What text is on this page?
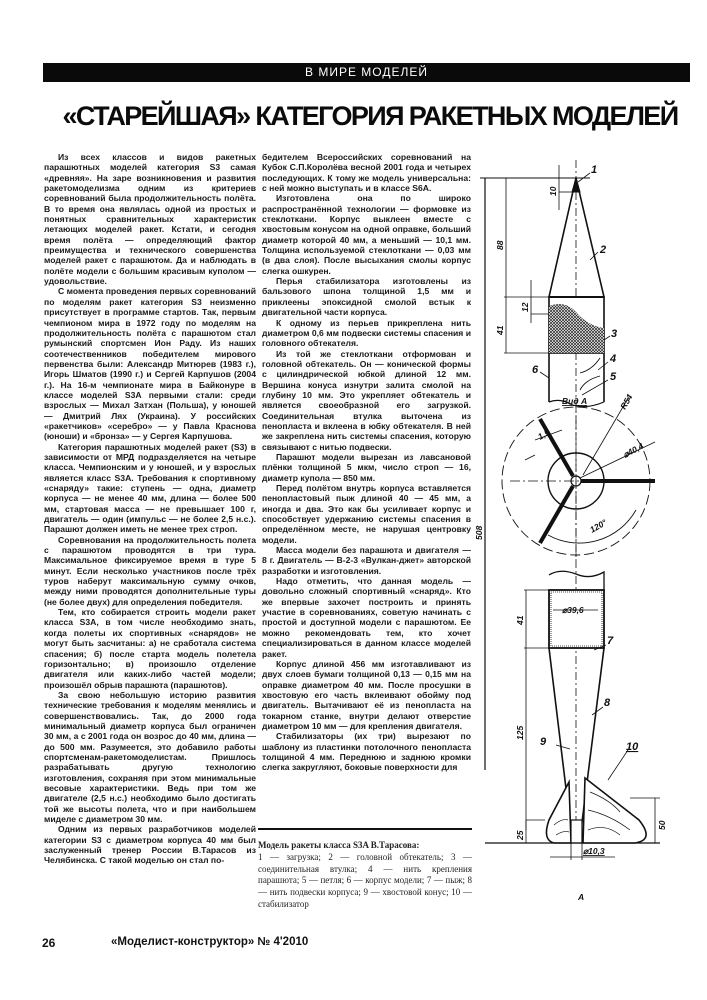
В МИРЕ МОДЕЛЕЙ
«СТАРЕЙШАЯ» КАТЕГОРИЯ РАКЕТНЫХ МОДЕЛЕЙ

Из всех классов и видов ракетных парашютных моделей категория S3 самая «древняя». На заре возникновения и развития ракетомоделизма одним из критериев соревнований была продолжительность полёта. В то время она являлась одной из простых и понятных сравнительных характеристик летающих моделей ракет. Кстати, и сегодня время полёта — определяющий фактор преимущества и технического совершенства моделей ракет с парашютом. Да и наблюдать в полёте модели с большим красивым куполом — удовольствие.

С момента проведения первых соревнований по моделям ракет категория S3 неизменно присутствует в программе стартов. Так, первым чемпионом мира в 1972 году по моделям на продолжительность полёта с парашютом стал румынский спортсмен Ион Раду. Из наших соотечественников победителем мирового первенства были: Александр Митюрев (1983 г.), Игорь Шматов (1990 г.) и Сергей Карпушов (2004 г.). На 16-м чемпионате мира в Байконуре в классе моделей S3A первыми стали: среди взрослых — Михал Затхан (Польша), у юношей — Дмитрий Лях (Украина). У российских «ракетчиков» «серебро» — у Павла Краснова (юноши) и «бронза» — у Сергея Карпушова.

Категория парашютных моделей ракет (S3) в зависимости от МРД подразделяется на четыре класса. Чемпионским и у юношей, и у взрослых является класс S3A. Требования к спортивному «снаряду» такие: ступень — одна, диаметр корпуса — не менее 40 мм, длина — более 500 мм, стартовая масса — не превышает 100 г, двигатель — один (импульс — не более 2,5 н.с.). Парашют должен иметь не менее трех строп.

Соревнования на продолжительность полета с парашютом проводятся в три тура. Максимальное фиксируемое время в туре 5 минут. Если несколько участников после трёх туров наберут максимальную сумму очков, между ними проводятся дополнительные туры (не более двух) для определения победителя.

Тем, кто собирается строить модели ракет класса S3A, в том числе необходимо знать, когда полеты их спортивных «снарядов» не могут быть засчитаны: а) не сработала система спасения; б) после старта модель полетела горизонтально; в) произошло отделение двигателя или каких-либо частей модели; произошёл обрыв парашюта (парашютов).

За свою небольшую историю развития технические требования к моделям менялись и совершенствовались. Так, до 2000 года минимальный диаметр корпуса был ограничен 30 мм, а с 2001 года он возрос до 40 мм, длина — до 500 мм. Разумеется, это добавило работы спортсменам-ракетомоделистам. Пришлось разрабатывать другую технологию изготовления, сохраняя при этом минимальные весовые характеристики. Ведь при том же двигателе (2,5 н.с.) необходимо было достигать той же высоты полета, что и при наибольшем миделе с диаметром 30 мм.

Одним из первых разработчиков моделей категории S3 с диаметром корпуса 40 мм был заслуженный тренер России В.Тарасов из Челябинска. С такой моделью он стал по-

бедителем Всероссийских соревнований на Кубок С.П.Королёва весной 2001 года и четырех последующих. К тому же модель универсальна: с ней можно выступать и в классе S6A.

Изготовлена она по широко распространённой технологии — формовке из стеклоткани. Корпус выклеен вместе с хвостовым конусом на одной оправке, больший диаметр которой 40 мм, а меньший — 10,1 мм. Толщина используемой стеклоткани — 0,03 мм (в два слоя). После высыхания смолы корпус слегка ошкурен.

Перья стабилизатора изготовлены из бальзового шпона толщиной 1,5 мм и приклеены эпоксидной смолой встык к двигательной части корпуса.

К одному из перьев прикреплена нить диаметром 0,6 мм подвески системы спасения и головного обтекателя.

Из той же стеклоткани отформован и головной обтекатель. Он — конической формы с цилиндрической юбкой длиной 12 мм. Вершина конуса изнутри залита смолой на глубину 10 мм. Это укрепляет обтекатель и является своеобразной его загрузкой. Соединительная втулка выточена из пенопласта и вклеена в юбку обтекателя. В ней же закреплена нить системы спасения, которую связывают с нитью подвески.

Парашют модели вырезан из лавсановой плёнки толщиной 5 мкм, число строп — 16, диаметр купола — 850 мм.

Перед полётом внутрь корпуса вставляется пенопластовый пыж длиной 40 — 45 мм, а иногда и два. Это как бы усиливает корпус и способствует удержанию системы спасения в определённом месте, не нарушая центровку модели.

Масса модели без парашюта и двигателя — 8 г. Двигатель — В-2-3 «Вулкан-джет» авторской разработки и изготовления.

Надо отметить, что данная модель — довольно сложный спортивный «снаряд». Кто же впервые захочет построить и принять участие в соревнованиях, советую начинать с простой и доступной модели с парашютом. Ее можно рекомендовать тем, кто хочет специализироваться в данном классе моделей ракет.

Корпус длиной 456 мм изготавливают из двух слоев бумаги толщиной 0,13 — 0,15 мм на оправке диаметром 40 мм. После просушки в хвостовую его часть вклеивают обойму под двигатель. Вытачивают её из пенопласта на токарном станке, внутри делают отверстие диаметром 10 мм — для крепления двигателя.

Стабилизаторы (их три) вырезают по шаблону из пластинки потолочного пенопласта толщиной 4 мм. Переднюю и заднюю кромки слегка закругляют, боковые поверхности для

Модель ракеты класса S3A В.Тарасова:
1 — загрузка; 2 — головной обтекатель; 3 — соединительная втулка; 4 — нить крепления парашюта; 5 — петля; 6 — корпус модели; 7 — пыж; 8 — нить подвески корпуса; 9 — хвостовой конус; 10 — стабилизатор
1
2
3
4
5
6
7
8
9	10
10
88
12
41
508
41
125
25
50
⌀39,6
Вид А	R54
⌀40,4
1,5
120°
⌀10,3
A
26	«Моделист-конструктор» № 4'2010
